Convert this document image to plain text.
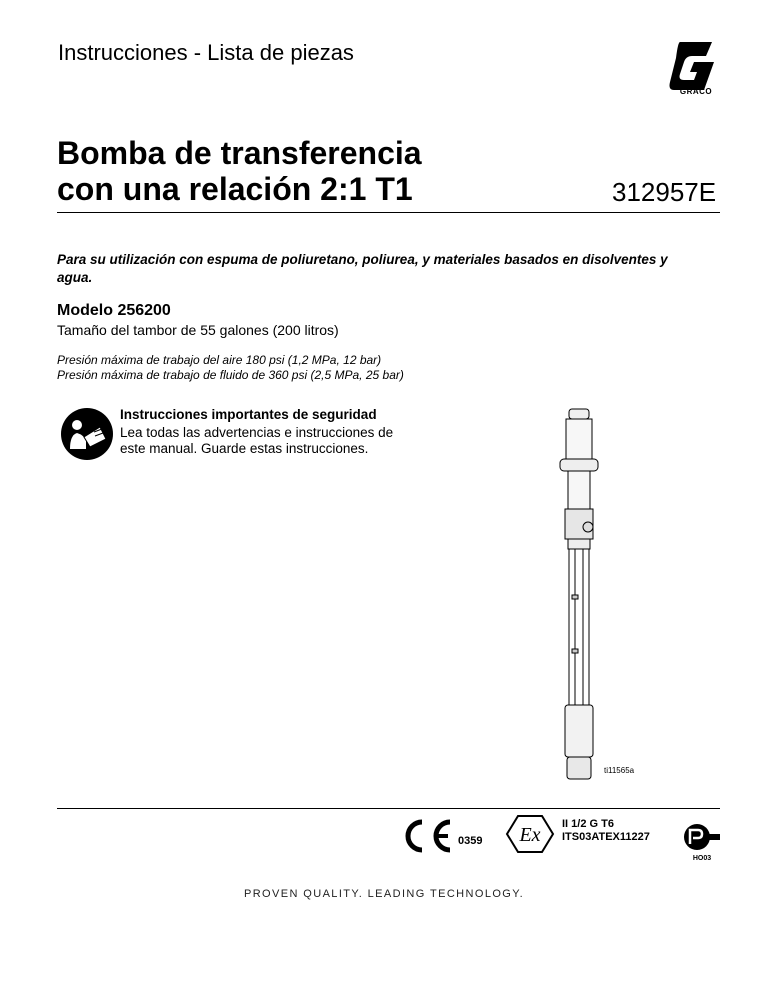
Instrucciones - Lista de piezas
GRACO
Bomba de transferencia
con una relación 2:1 T1	312957E
Para su utilización con espuma de poliuretano, poliurea, y materiales basados en disolventes y agua.
Modelo 256200
Tamaño del tambor de 55 galones (200 litros)
Presión máxima de trabajo del aire 180 psi (1,2 MPa, 12 bar)
Presión máxima de trabajo de fluido de 360 psi (2,5 MPa, 25 bar)
Instrucciones importantes de seguridad
Lea todas las advertencias e instrucciones de este manual. Guarde estas instrucciones.
ti11565a
0359 Ex II 1/2 G T6
ITS03ATEX11227
HO03
PROVEN QUALITY. LEADING TECHNOLOGY.
